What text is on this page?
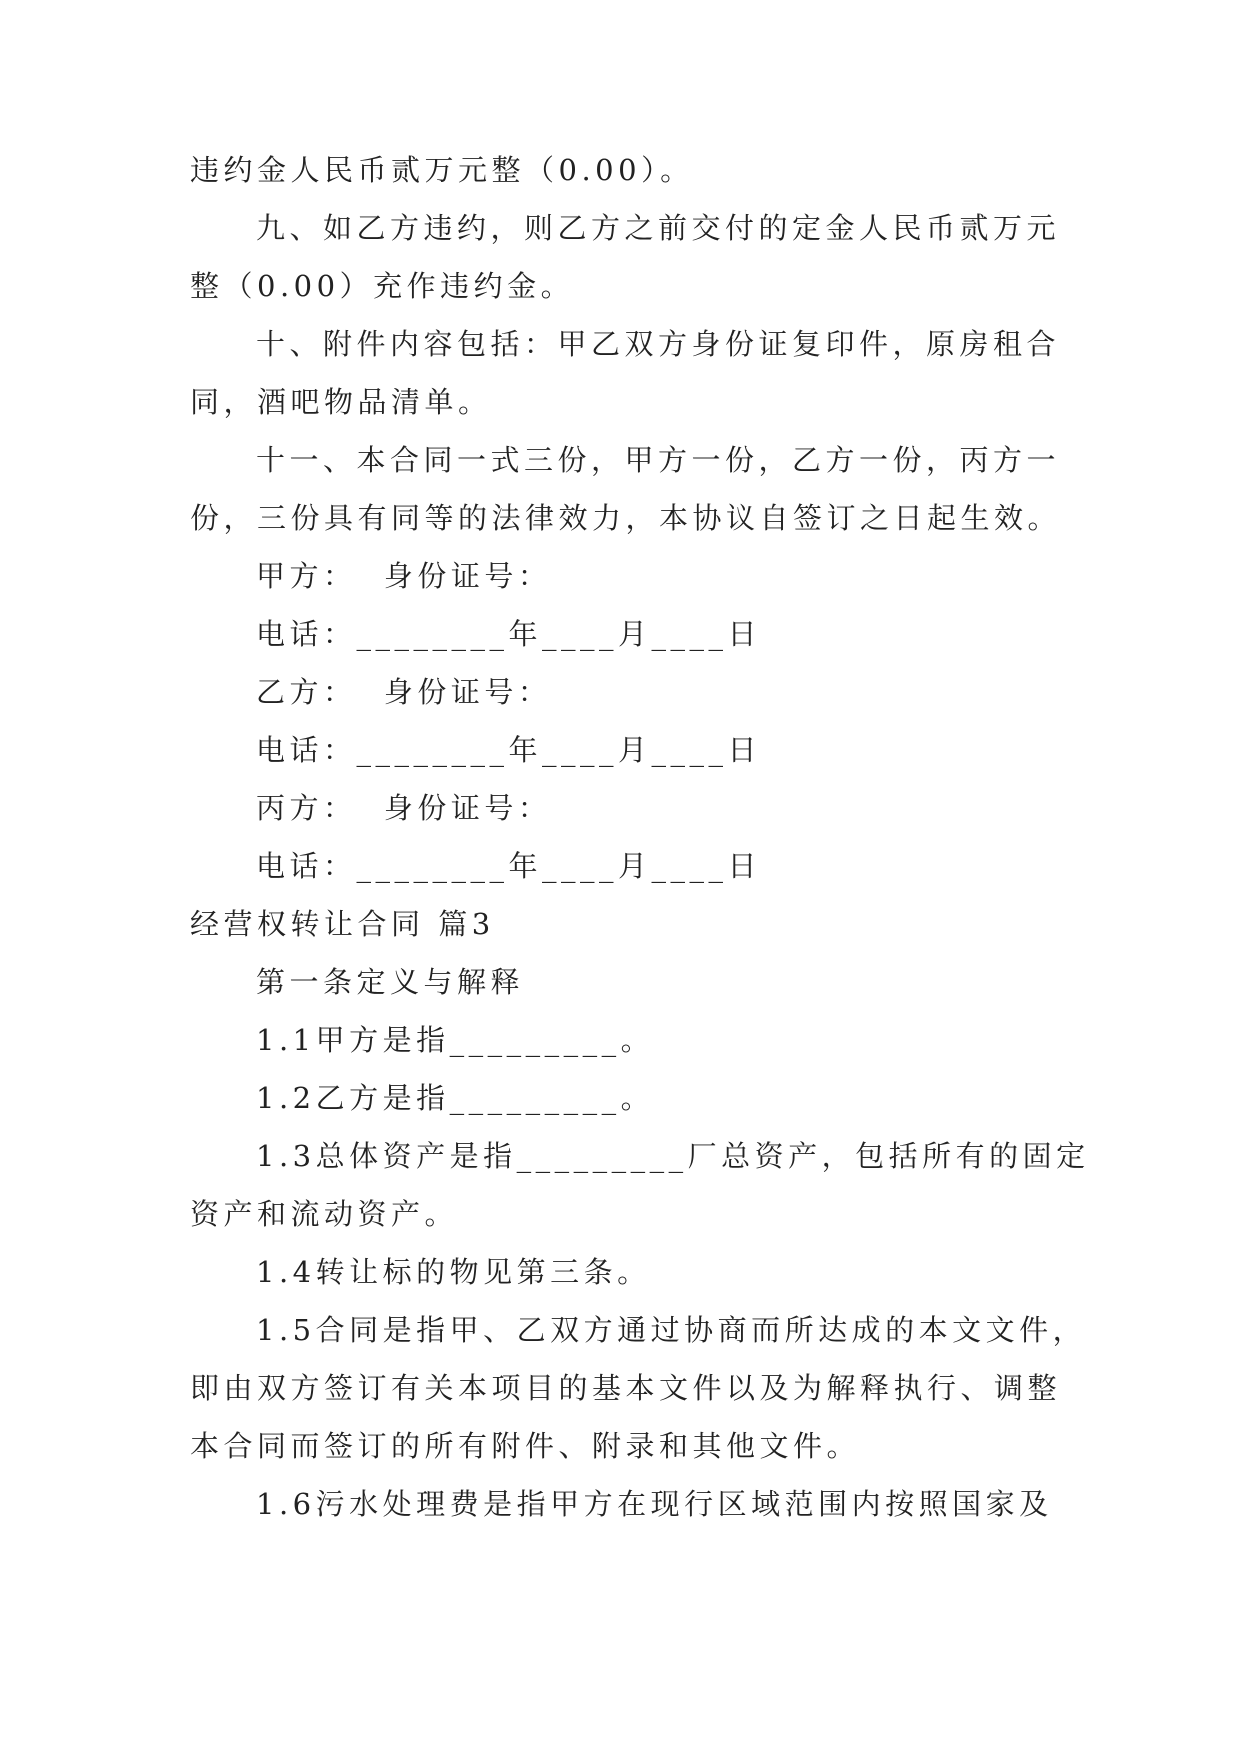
违约金人民币贰万元整（0.00）。
九、如乙方违约，则乙方之前交付的定金人民币贰万元
整（0.00）充作违约金。
十、附件内容包括：甲乙双方身份证复印件，原房租合
同，酒吧物品清单。
十一、本合同一式三份，甲方一份，乙方一份，丙方一
份，三份具有同等的法律效力，本协议自签订之日起生效。
甲方：  身份证号：
电话：________年____月____日
乙方：  身份证号：
电话：________年____月____日
丙方：  身份证号：
电话：________年____月____日
经营权转让合同 篇3
第一条定义与解释
1.1甲方是指_________。
1.2乙方是指_________。
1.3总体资产是指_________厂总资产，包括所有的固定
资产和流动资产。
1.4转让标的物见第三条。
1.5合同是指甲、乙双方通过协商而所达成的本文文件，
即由双方签订有关本项目的基本文件以及为解释执行、调整
本合同而签订的所有附件、附录和其他文件。
1.6污水处理费是指甲方在现行区域范围内按照国家及
